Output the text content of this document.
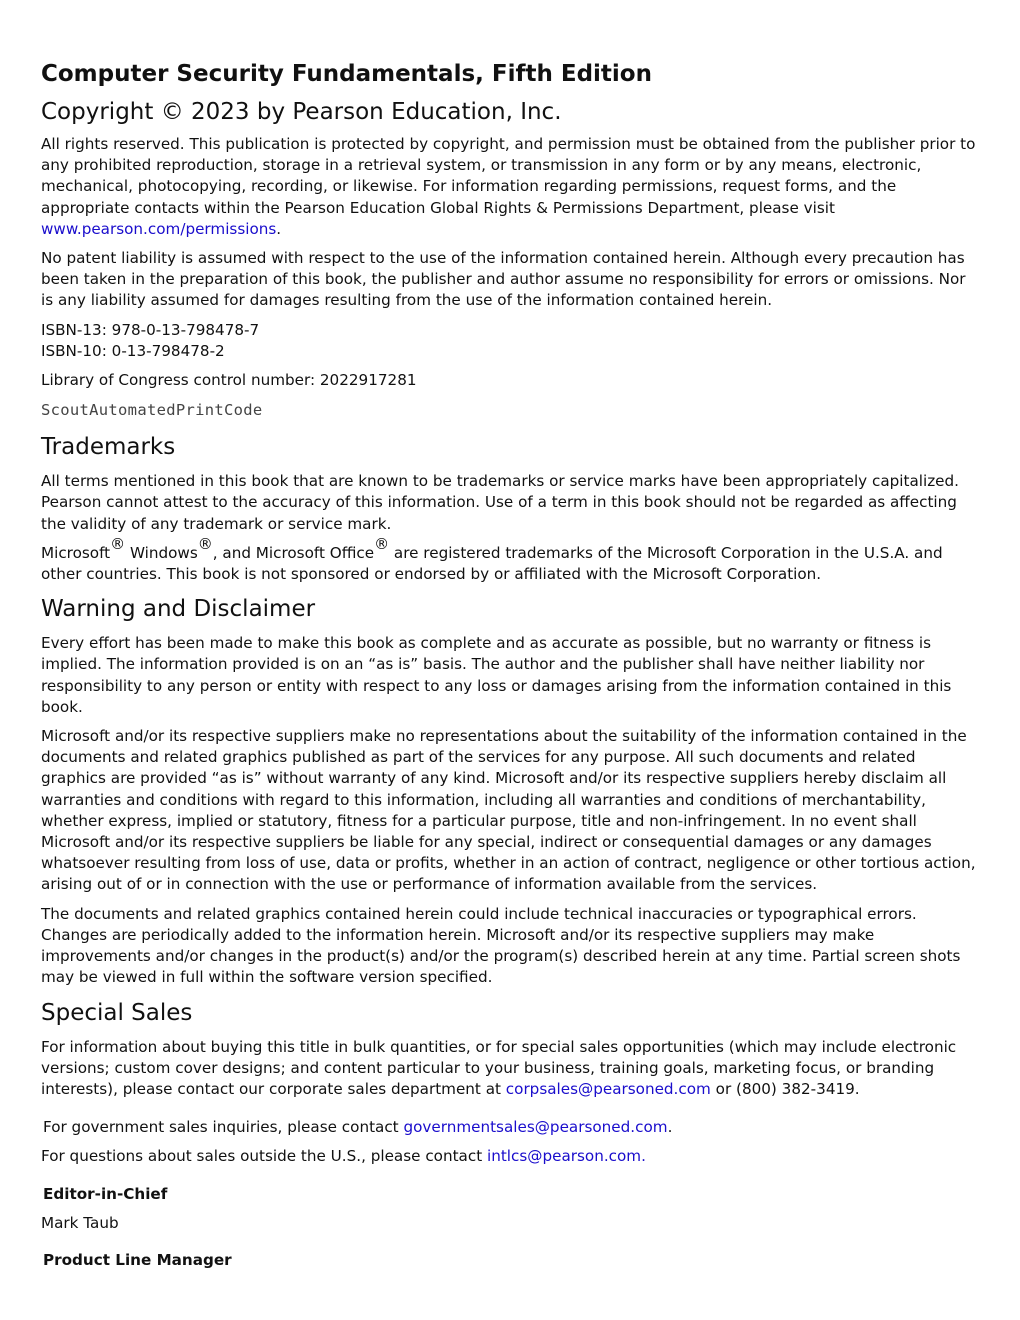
Computer Security Fundamentals, Fifth Edition
Copyright © 2023 by Pearson Education, Inc.

All rights reserved. This publication is protected by copyright, and permission must be obtained from the publisher prior to any prohibited reproduction, storage in a retrieval system, or transmission in any form or by any means, electronic, mechanical, photocopying, recording, or likewise. For information regarding permissions, request forms, and the appropriate contacts within the Pearson Education Global Rights & Permissions Department, please visit www.pearson.com/permissions.

No patent liability is assumed with respect to the use of the information contained herein. Although every precaution has been taken in the preparation of this book, the publisher and author assume no responsibility for errors or omissions. Nor is any liability assumed for damages resulting from the use of the information contained herein.

ISBN-13: 978-0-13-798478-7

ISBN-10: 0-13-798478-2

Library of Congress control number: 2022917281

ScoutAutomatedPrintCode
Trademarks

All terms mentioned in this book that are known to be trademarks or service marks have been appropriately capitalized. Pearson cannot attest to the accuracy of this information. Use of a term in this book should not be regarded as affecting the validity of any trademark or service mark.

Microsoft® Windows®, and Microsoft Office® are registered trademarks of the Microsoft Corporation in the U.S.A. and other countries. This book is not sponsored or endorsed by or affiliated with the Microsoft Corporation.

Warning and Disclaimer

Every effort has been made to make this book as complete and as accurate as possible, but no warranty or fitness is implied. The information provided is on an “as is” basis. The author and the publisher shall have neither liability nor responsibility to any person or entity with respect to any loss or damages arising from the information contained in this book.

Microsoft and/or its respective suppliers make no representations about the suitability of the information contained in the documents and related graphics published as part of the services for any purpose. All such documents and related graphics are provided “as is” without warranty of any kind. Microsoft and/or its respective suppliers hereby disclaim all warranties and conditions with regard to this information, including all warranties and conditions of merchantability, whether express, implied or statutory, fitness for a particular purpose, title and non-infringement. In no event shall Microsoft and/or its respective suppliers be liable for any special, indirect or consequential damages or any damages whatsoever resulting from loss of use, data or profits, whether in an action of contract, negligence or other tortious action, arising out of or in connection with the use or performance of information available from the services.

The documents and related graphics contained herein could include technical inaccuracies or typographical errors. Changes are periodically added to the information herein. Microsoft and/or its respective suppliers may make improvements and/or changes in the product(s) and/or the program(s) described herein at any time. Partial screen shots may be viewed in full within the software version specified.

Special Sales

For information about buying this title in bulk quantities, or for special sales opportunities (which may include electronic versions; custom cover designs; and content particular to your business, training goals, marketing focus, or branding interests), please contact our corporate sales department at corpsales@pearsoned.com or (800) 382-3419.

For government sales inquiries, please contact governmentsales@pearsoned.com.

For questions about sales outside the U.S., please contact intlcs@pearson.com.

Editor-in-Chief

Mark Taub

Product Line Manager
